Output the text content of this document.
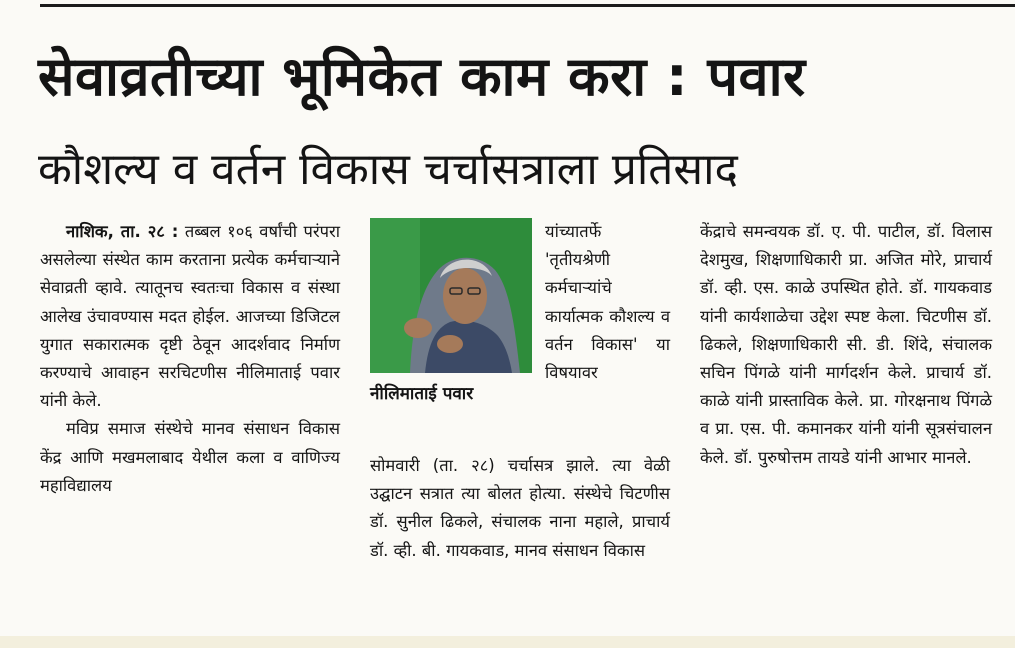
सेवाव्रतीच्या भूमिकेत काम करा : पवार
कौशल्य व वर्तन विकास चर्चासत्राला प्रतिसाद

नाशिक, ता. २८ : तब्बल १०६ वर्षांची परंपरा असलेल्या संस्थेत काम करताना प्रत्येक कर्मचाऱ्याने सेवाव्रती व्हावे. त्यातूनच स्वतःचा विकास व संस्था आलेख उंचावण्यास मदत होईल. आजच्या डिजिटल युगात सकारात्मक दृष्टी ठेवून आदर्शवाद निर्माण करण्याचे आवाहन सरचिटणीस नीलिमाताई पवार यांनी केले.

मविप्र समाज संस्थेचे मानव संसाधन विकास केंद्र आणि मखमलाबाद येथील कला व वाणिज्य महाविद्यालय

नीलिमाताई पवार
यांच्यातर्फे 'तृतीयश्रेणी कर्मचाऱ्यांचे कार्यात्मक कौशल्य व वर्तन विकास' या विषयावर
सोमवारी (ता. २८) चर्चासत्र झाले. त्या वेळी उद्घाटन सत्रात त्या बोलत होत्या. संस्थेचे चिटणीस डॉ. सुनील ढिकले, संचालक नाना महाले, प्राचार्य डॉ. व्ही. बी. गायकवाड, मानव संसाधन विकास
केंद्राचे समन्वयक डॉ. ए. पी. पाटील, डॉ. विलास देशमुख, शिक्षणाधिकारी प्रा. अजित मोरे, प्राचार्य डॉ. व्ही. एस. काळे उपस्थित होते. डॉ. गायकवाड यांनी कार्यशाळेचा उद्देश स्पष्ट केला. चिटणीस डॉ. ढिकले, शिक्षणाधिकारी सी. डी. शिंदे, संचालक सचिन पिंगळे यांनी मार्गदर्शन केले. प्राचार्य डॉ. काळे यांनी प्रास्ताविक केले. प्रा. गोरक्षनाथ पिंगळे व प्रा. एस. पी. कमानकर यांनी यांनी सूत्रसंचालन केले. डॉ. पुरुषोत्तम तायडे यांनी आभार मानले.
